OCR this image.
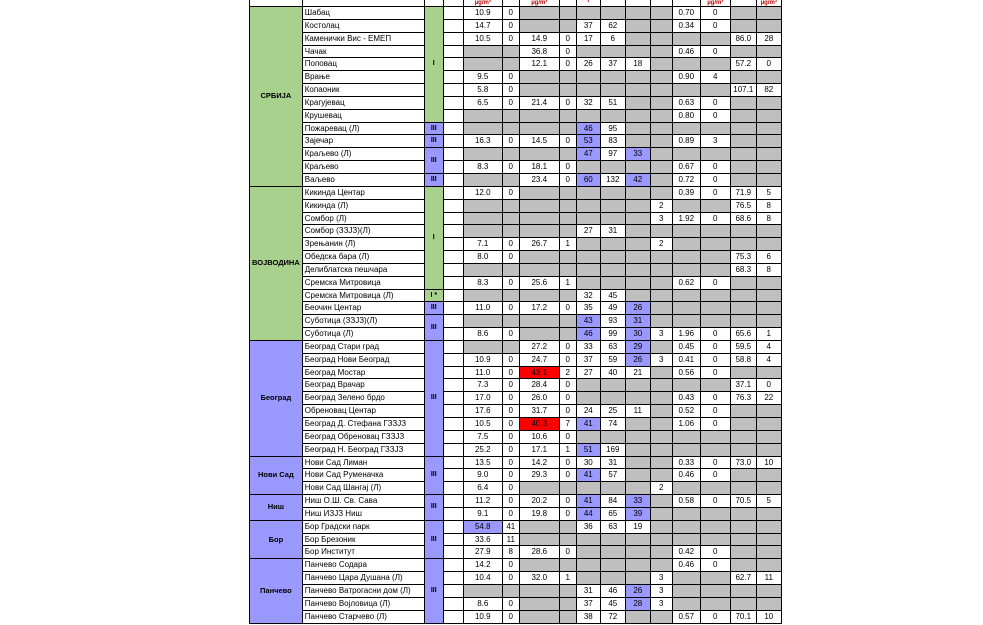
				µg/m³		µg/m³		³					µg/m³		µg/m³
СРБИЈА	Шабац	I		10.9	0							0.70	0		
	Костолац			14.7	0			37	62			0.34	0		
	Каменички Вис - ЕМЕП			10.5	0	14.9	0	17	6					86.0	28
	Чачак					36.8	0					0.46	0		
	Поповац					12.1	0	26	37	18				57.2	0
	Врање			9.5	0							0.90	4		
	Копаоник			5.8	0									107.1	82
	Крагујевац			6.5	0	21.4	0	32	51			0.63	0		
	Крушевац											0.80	0		
	Пожаревац (Л)	III						46	95						
	Зајечар	III		16.3	0	14.5	0	53	83			0.89	3		
	Краљево (Л)	III						47	97	33					
	Краљево			8.3	0	18.1	0					0.67	0		
	Ваљево	III				23.4	0	60	132	42		0.72	0		
ВОЈВОДИНА	Кикинда Центар	I		12.0	0							0.39	0	71.9	5
	Кикинда (Л)										2			76.5	8
	Сомбор (Л)										3	1.92	0	68.6	8
	Сомбор (ЗЗЈЗ)(Л)							27	31						
	Зрењанин (Л)			7.1	0	26.7	1				2				
	Обедска бара (Л)			8.0	0									75.3	6
	Делиблатска пешчара													68.3	8
	Сремска Митровица			8.3	0	25.6	1					0.62	0		
	Сремска Митровица (Л)	I *						32	45						
	Беочин Центар	III		11.0	0	17.2	0	35	49	26					
	Суботица (ЗЗЈЗ)(Л)	III						43	93	31					
	Суботица (Л)			8.6	0			46	99	30	3	1.96	0	65.6	1
Београд	Београд Стари град	III				27.2	0	33	63	29		0.45	0	59.5	4
	Београд Нови Београд			10.9	0	24.7	0	37	59	26	3	0.41	0	58.8	4
	Београд Мостар			11.0	0	43.1	2	27	40	21		0.56	0		
	Београд Врачар			7.3	0	28.4	0							37.1	0
	Београд Зелено брдо			17.0	0	26.0	0					0.43	0	76.3	22
	Обреновац Центар			17.6	0	31.7	0	24	25	11		0.52	0		
	Београд Д. Стефана ГЗЗЈЗ			10.5	0	40.3	7	41	74			1.06	0		
	Београд Обреновац ГЗЗЈЗ			7.5	0	10.6	0								
	Београд Н. Београд ГЗЗЈЗ			25.2	0	17.1	1	51	169						
Нови Сад	Нови Сад Лиман	III		13.5	0	14.2	0	30	31			0.33	0	73.0	10
	Нови Сад Руменачка			9.0	0	29.3	0	41	57			0.46	0		
	Нови Сад Шангај (Л)			6.4	0						2				
Ниш	Ниш О.Ш. Св. Сава	III		11.2	0	20.2	0	41	84	33		0.58	0	70.5	5
	Ниш ИЗЈЗ Ниш			9.1	0	19.8	0	44	65	39					
Бор	Бор Градски парк	III		54.8	41			36	63	19					
	Бор Брезоник			33.6	11										
	Бор Институт			27.9	8	28.6	0					0.42	0		
Панчево	Панчево Содара	III		14.2	0							0.46	0		
	Панчево Цара Душана (Л)			10.4	0	32.0	1				3			62.7	11
	Панчево Ватрогасни дом (Л)							31	46	26	3				
	Панчево Војловица (Л)			8.6	0			37	45	28	3				
	Панчево Старчево (Л)			10.9	0			38	72			0.57	0	70.1	10
